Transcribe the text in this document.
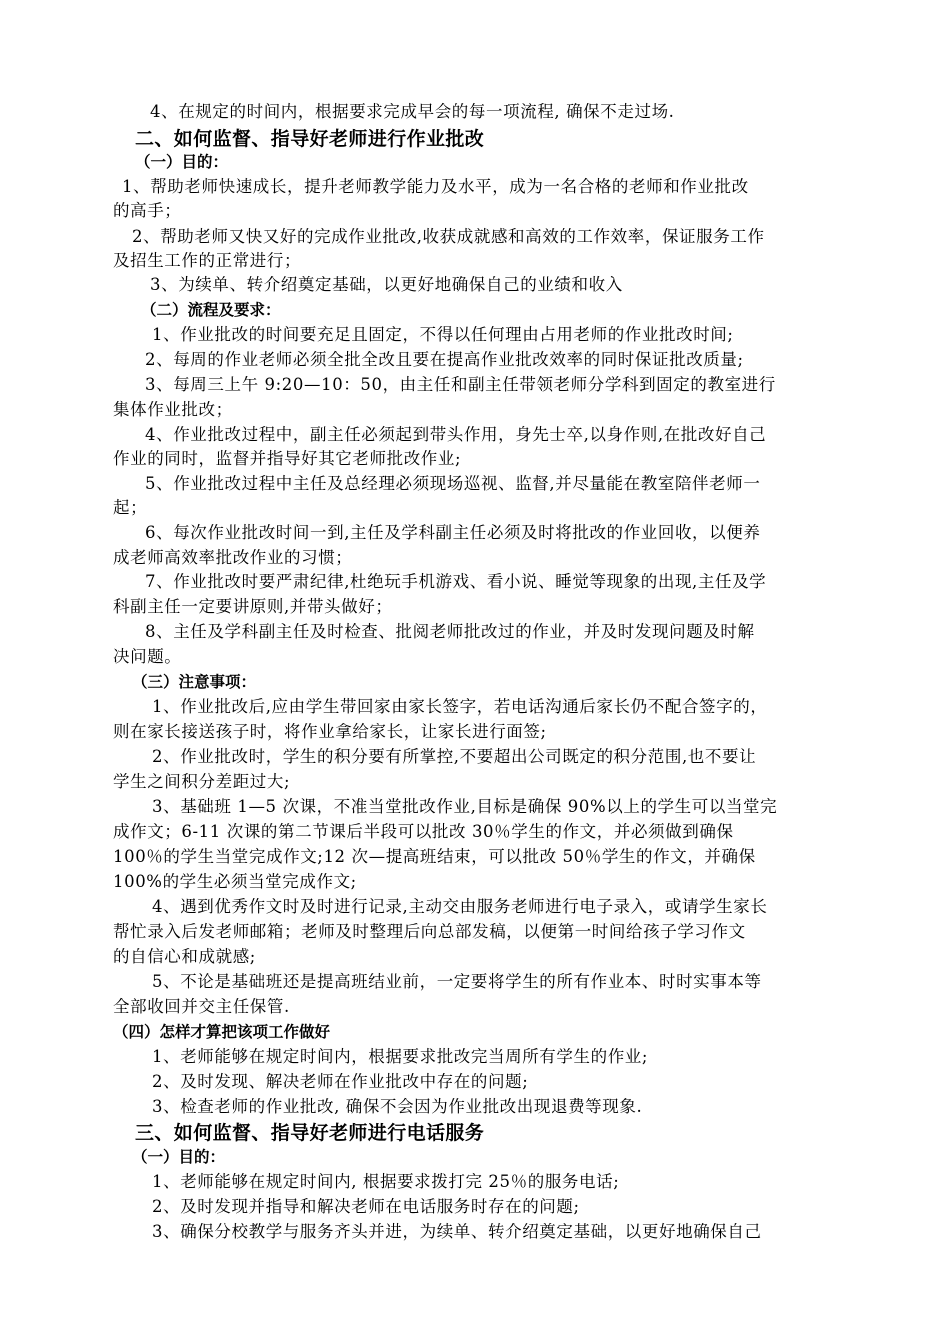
4、在规定的时间内，根据要求完成早会的每一项流程, 确保不走过场.
二、如何监督、指导好老师进行作业批改
（一）目的：
1、帮助老师快速成长，提升老师教学能力及水平，成为一名合格的老师和作业批改
的高手；
2、帮助老师又快又好的完成作业批改,收获成就感和高效的工作效率，保证服务工作
及招生工作的正常进行；
3、为续单、转介绍奠定基础，以更好地确保自己的业绩和收入
（二）流程及要求：
1、作业批改的时间要充足且固定，不得以任何理由占用老师的作业批改时间;
2、每周的作业老师必须全批全改且要在提高作业批改效率的同时保证批改质量;
3、每周三上午 9:20—10：50，由主任和副主任带领老师分学科到固定的教室进行
集体作业批改；
4、作业批改过程中，副主任必须起到带头作用，身先士卒,以身作则,在批改好自己
作业的同时，监督并指导好其它老师批改作业;
5、作业批改过程中主任及总经理必须现场巡视、监督,并尽量能在教室陪伴老师一
起；
6、每次作业批改时间一到,主任及学科副主任必须及时将批改的作业回收，以便养
成老师高效率批改作业的习惯；
7、作业批改时要严肃纪律,杜绝玩手机游戏、看小说、睡觉等现象的出现,主任及学
科副主任一定要讲原则,并带头做好；
8、主任及学科副主任及时检查、批阅老师批改过的作业，并及时发现问题及时解
决问题。
（三）注意事项：
1、作业批改后,应由学生带回家由家长签字，若电话沟通后家长仍不配合签字的，
则在家长接送孩子时，将作业拿给家长，让家长进行面签;
2、作业批改时，学生的积分要有所掌控,不要超出公司既定的积分范围,也不要让
学生之间积分差距过大;
3、基础班 1—5 次课，不准当堂批改作业,目标是确保 90%以上的学生可以当堂完
成作文；6-11 次课的第二节课后半段可以批改 30％学生的作文，并必须做到确保
100％的学生当堂完成作文;12 次—提高班结束，可以批改 50％学生的作文，并确保
100%的学生必须当堂完成作文;
4、遇到优秀作文时及时进行记录,主动交由服务老师进行电子录入，或请学生家长
帮忙录入后发老师邮箱；老师及时整理后向总部发稿，以便第一时间给孩子学习作文
的自信心和成就感;
5、不论是基础班还是提高班结业前，一定要将学生的所有作业本、时时实事本等
全部收回并交主任保管.
（四）怎样才算把该项工作做好
1、老师能够在规定时间内，根据要求批改完当周所有学生的作业;
2、及时发现、解决老师在作业批改中存在的问题;
3、检查老师的作业批改, 确保不会因为作业批改出现退费等现象.
三、如何监督、指导好老师进行电话服务
（一）目的：
1、老师能够在规定时间内, 根据要求拨打完 25％的服务电话;
2、及时发现并指导和解决老师在电话服务时存在的问题;
3、确保分校教学与服务齐头并进，为续单、转介绍奠定基础，以更好地确保自己
